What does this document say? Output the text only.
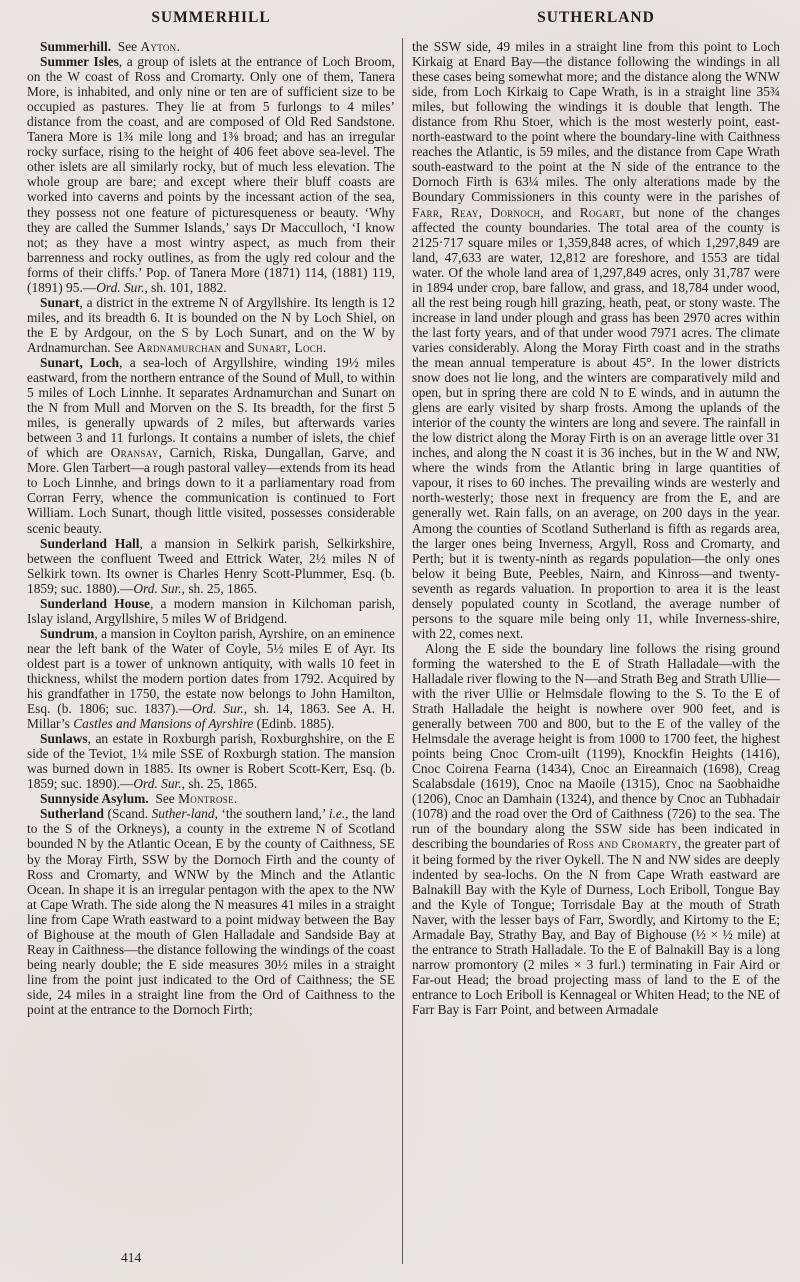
SUMMERHILL	SUTHERLAND

Summerhill. See Ayton.

Summer Isles, a group of islets at the entrance of Loch Broom, on the W coast of Ross and Cromarty. Only one of them, Tanera More, is inhabited, and only nine or ten are of sufficient size to be occupied as pastures. They lie at from 5 furlongs to 4 miles’ distance from the coast, and are composed of Old Red Sandstone. Tanera More is 1¾ mile long and 1⅜ broad; and has an irregular rocky surface, rising to the height of 406 feet above sea-level. The other islets are all similarly rocky, but of much less elevation. The whole group are bare; and except where their bluff coasts are worked into caverns and points by the incessant action of the sea, they possess not one feature of picturesqueness or beauty. ‘Why they are called the Summer Islands,’ says Dr Macculloch, ‘I know not; as they have a most wintry aspect, as much from their barrenness and rocky outlines, as from the ugly red colour and the forms of their cliffs.’ Pop. of Tanera More (1871) 114, (1881) 119, (1891) 95.—Ord. Sur., sh. 101, 1882.

Sunart, a district in the extreme N of Argyllshire. Its length is 12 miles, and its breadth 6. It is bounded on the N by Loch Shiel, on the E by Ardgour, on the S by Loch Sunart, and on the W by Ardnamurchan. See Ardnamurchan and Sunart, Loch.

Sunart, Loch, a sea-loch of Argyllshire, winding 19½ miles eastward, from the northern entrance of the Sound of Mull, to within 5 miles of Loch Linnhe. It separates Ardnamurchan and Sunart on the N from Mull and Morven on the S. Its breadth, for the first 5 miles, is generally upwards of 2 miles, but afterwards varies between 3 and 11 furlongs. It contains a number of islets, the chief of which are Oransay, Carnich, Riska, Dungallan, Garve, and More. Glen Tarbert—a rough pastoral valley—extends from its head to Loch Linnhe, and brings down to it a parliamentary road from Corran Ferry, whence the communication is continued to Fort William. Loch Sunart, though little visited, possesses considerable scenic beauty.

Sunderland Hall, a mansion in Selkirk parish, Selkirkshire, between the confluent Tweed and Ettrick Water, 2½ miles N of Selkirk town. Its owner is Charles Henry Scott-Plummer, Esq. (b. 1859; suc. 1880).—Ord. Sur., sh. 25, 1865.

Sunderland House, a modern mansion in Kilchoman parish, Islay island, Argyllshire, 5 miles W of Bridgend.

Sundrum, a mansion in Coylton parish, Ayrshire, on an eminence near the left bank of the Water of Coyle, 5½ miles E of Ayr. Its oldest part is a tower of unknown antiquity, with walls 10 feet in thickness, whilst the modern portion dates from 1792. Acquired by his grandfather in 1750, the estate now belongs to John Hamilton, Esq. (b. 1806; suc. 1837).—Ord. Sur., sh. 14, 1863. See A. H. Millar’s Castles and Mansions of Ayrshire (Edinb. 1885).

Sunlaws, an estate in Roxburgh parish, Roxburghshire, on the E side of the Teviot, 1¼ mile SSE of Roxburgh station. The mansion was burned down in 1885. Its owner is Robert Scott-Kerr, Esq. (b. 1859; suc. 1890).—Ord. Sur., sh. 25, 1865.

Sunnyside Asylum. See Montrose.

Sutherland (Scand. Suther-land, ‘the southern land,’ i.e., the land to the S of the Orkneys), a county in the extreme N of Scotland bounded N by the Atlantic Ocean, E by the county of Caithness, SE by the Moray Firth, SSW by the Dornoch Firth and the county of Ross and Cromarty, and WNW by the Minch and the Atlantic Ocean. In shape it is an irregular pentagon with the apex to the NW at Cape Wrath. The side along the N measures 41 miles in a straight line from Cape Wrath eastward to a point midway between the Bay of Bighouse at the mouth of Glen Halladale and Sandside Bay at Reay in Caithness—the distance following the windings of the coast being nearly double; the E side measures 30½ miles in a straight line from the point just indicated to the Ord of Caithness; the SE side, 24 miles in a straight line from the Ord of Caithness to the point at the entrance to the Dornoch Firth;

the SSW side, 49 miles in a straight line from this point to Loch Kirkaig at Enard Bay—the distance following the windings in all these cases being somewhat more; and the distance along the WNW side, from Loch Kirkaig to Cape Wrath, is in a straight line 35¾ miles, but following the windings it is double that length. The distance from Rhu Stoer, which is the most westerly point, east-north-eastward to the point where the boundary-line with Caithness reaches the Atlantic, is 59 miles, and the distance from Cape Wrath south-eastward to the point at the N side of the entrance to the Dornoch Firth is 63¼ miles. The only alterations made by the Boundary Commissioners in this county were in the parishes of Farr, Reay, Dornoch, and Rogart, but none of the changes affected the county boundaries. The total area of the county is 2125·717 square miles or 1,359,848 acres, of which 1,297,849 are land, 47,633 are water, 12,812 are foreshore, and 1553 are tidal water. Of the whole land area of 1,297,849 acres, only 31,787 were in 1894 under crop, bare fallow, and grass, and 18,784 under wood, all the rest being rough hill grazing, heath, peat, or stony waste. The increase in land under plough and grass has been 2970 acres within the last forty years, and of that under wood 7971 acres. The climate varies considerably. Along the Moray Firth coast and in the straths the mean annual temperature is about 45°. In the lower districts snow does not lie long, and the winters are comparatively mild and open, but in spring there are cold N to E winds, and in autumn the glens are early visited by sharp frosts. Among the uplands of the interior of the county the winters are long and severe. The rainfall in the low district along the Moray Firth is on an average little over 31 inches, and along the N coast it is 36 inches, but in the W and NW, where the winds from the Atlantic bring in large quantities of vapour, it rises to 60 inches. The prevailing winds are westerly and north-westerly; those next in frequency are from the E, and are generally wet. Rain falls, on an average, on 200 days in the year. Among the counties of Scotland Sutherland is fifth as regards area, the larger ones being Inverness, Argyll, Ross and Cromarty, and Perth; but it is twenty-ninth as regards population—the only ones below it being Bute, Peebles, Nairn, and Kinross—and twenty-seventh as regards valuation. In proportion to area it is the least densely populated county in Scotland, the average number of persons to the square mile being only 11, while Inverness-shire, with 22, comes next.

Along the E side the boundary line follows the rising ground forming the watershed to the E of Strath Halladale—with the Halladale river flowing to the N—and Strath Beg and Strath Ullie—with the river Ullie or Helmsdale flowing to the S. To the E of Strath Halladale the height is nowhere over 900 feet, and is generally between 700 and 800, but to the E of the valley of the Helmsdale the average height is from 1000 to 1700 feet, the highest points being Cnoc Crom-uilt (1199), Knockfin Heights (1416), Cnoc Coirena Fearna (1434), Cnoc an Eireannaich (1698), Creag Scalabsdale (1619), Cnoc na Maoile (1315), Cnoc na Saobhaidhe (1206), Cnoc an Damhain (1324), and thence by Cnoc an Tubhadair (1078) and the road over the Ord of Caithness (726) to the sea. The run of the boundary along the SSW side has been indicated in describing the boundaries of Ross and Cromarty, the greater part of it being formed by the river Oykell. The N and NW sides are deeply indented by sea-lochs. On the N from Cape Wrath eastward are Balnakill Bay with the Kyle of Durness, Loch Eriboll, Tongue Bay and the Kyle of Tongue; Torrisdale Bay at the mouth of Strath Naver, with the lesser bays of Farr, Swordly, and Kirtomy to the E; Armadale Bay, Strathy Bay, and Bay of Bighouse (½ × ½ mile) at the entrance to Strath Halladale. To the E of Balnakill Bay is a long narrow promontory (2 miles × 3 furl.) terminating in Fair Aird or Far-out Head; the broad projecting mass of land to the E of the entrance to Loch Eriboll is Kennageal or Whiten Head; to the NE of Farr Bay is Farr Point, and between Armadale

414
